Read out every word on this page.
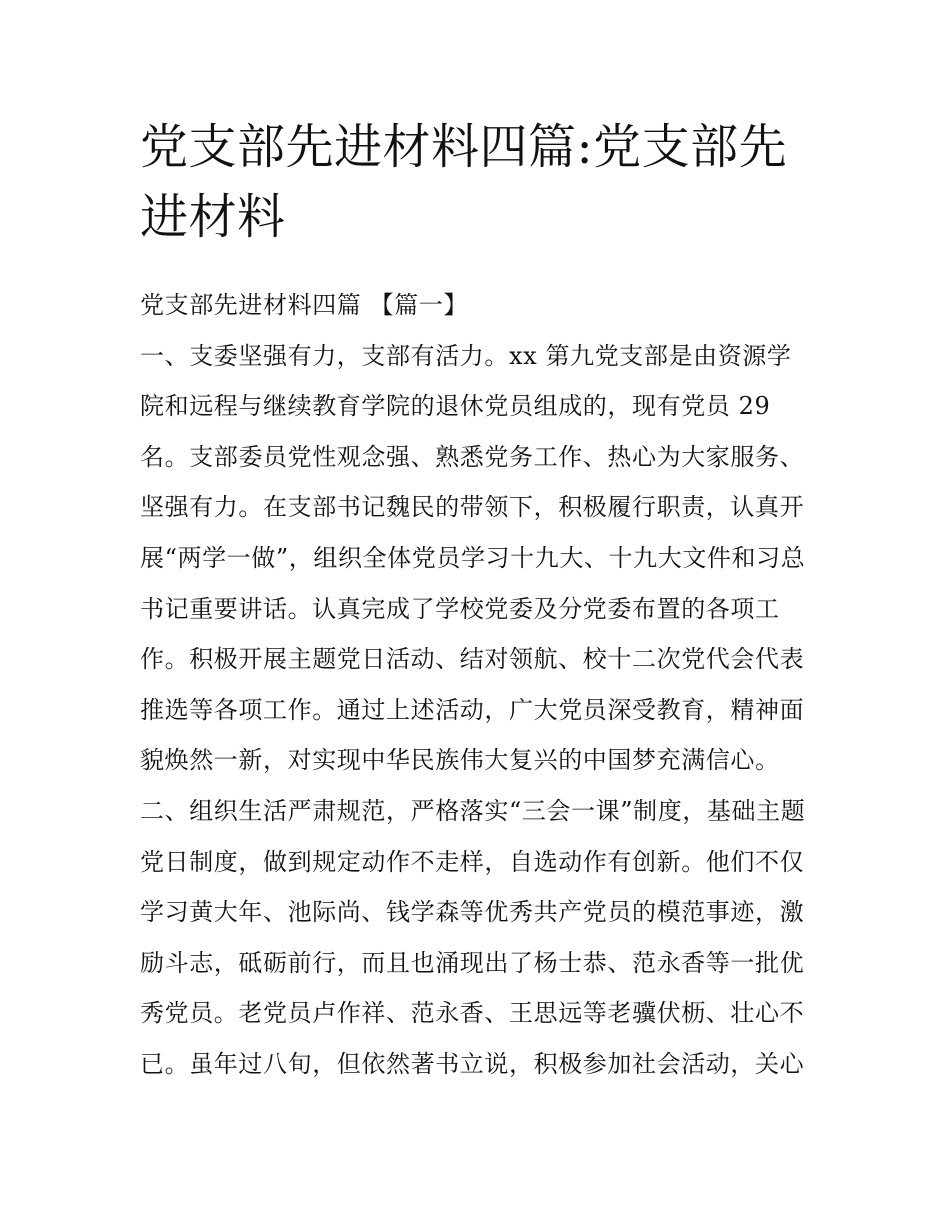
党支部先进材料四篇:党支部先
进材料
党支部先进材料四篇 【篇一】
一、支委坚强有力，支部有活力。xx 第九党支部是由资源学
院和远程与继续教育学院的退休党员组成的，现有党员 29
名。支部委员党性观念强、熟悉党务工作、热心为大家服务、
坚强有力。在支部书记魏民的带领下，积极履行职责，认真开
展“两学一做”，组织全体党员学习十九大、十九大文件和习总
书记重要讲话。认真完成了学校党委及分党委布置的各项工
作。积极开展主题党日活动、结对领航、校十二次党代会代表
推选等各项工作。通过上述活动，广大党员深受教育，精神面
貌焕然一新，对实现中华民族伟大复兴的中国梦充满信心。
二、组织生活严肃规范，严格落实“三会一课”制度，基础主题
党日制度，做到规定动作不走样，自选动作有创新。他们不仅
学习黄大年、池际尚、钱学森等优秀共产党员的模范事迹，激
励斗志，砥砺前行，而且也涌现出了杨士恭、范永香等一批优
秀党员。老党员卢作祥、范永香、王思远等老骥伏枥、壮心不
已。虽年过八旬，但依然著书立说，积极参加社会活动，关心
